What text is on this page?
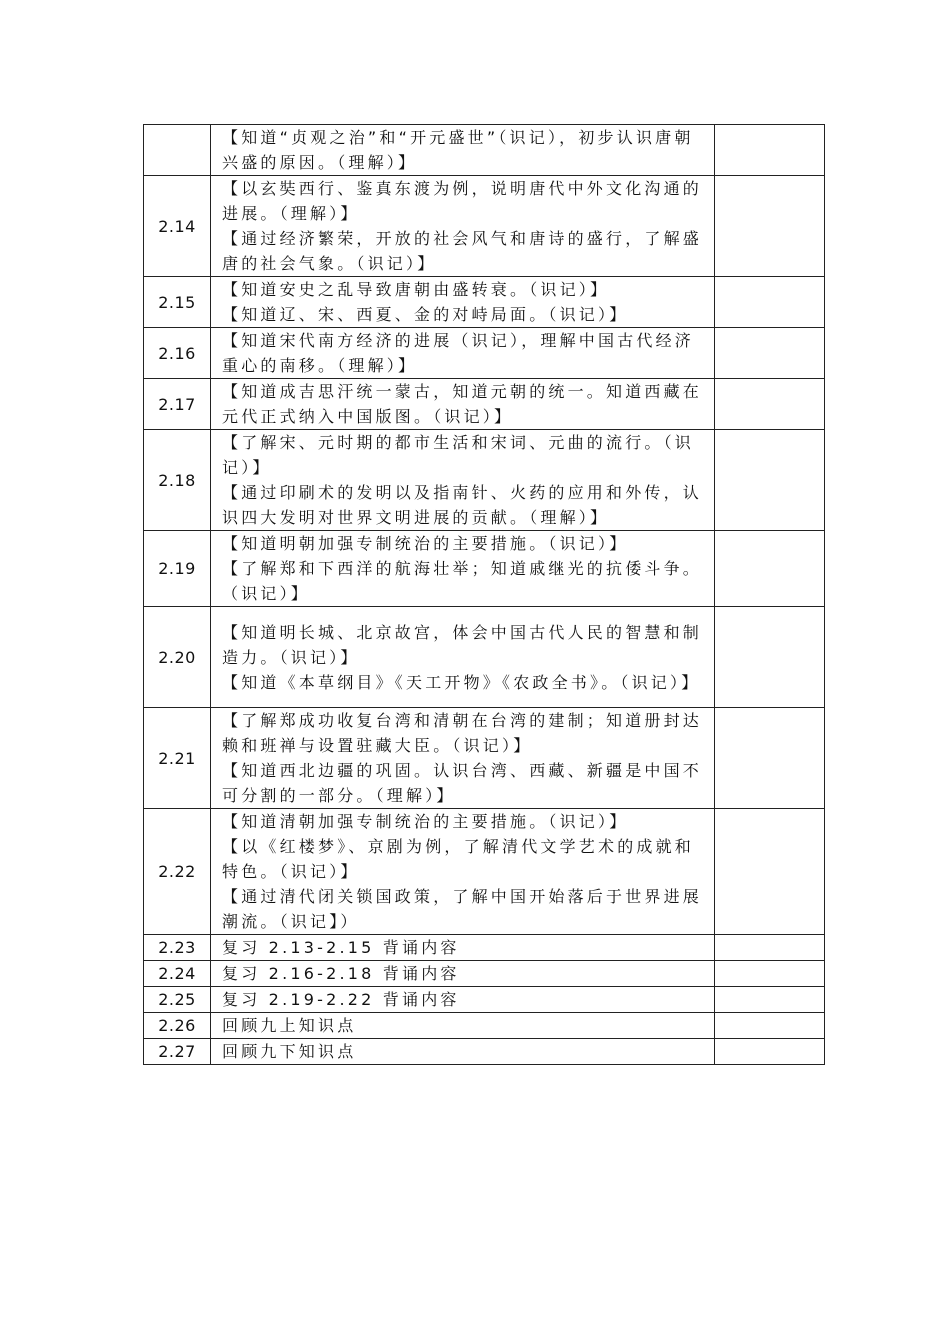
	【知道“贞观之治”和“开元盛世”（识记），初步认识唐朝兴盛的原因。（理解）】	

2.14	【以玄奘西行、鉴真东渡为例，说明唐代中外文化沟通的进展。（理解）】
【通过经济繁荣，开放的社会风气和唐诗的盛行，了解盛唐的社会气象。（识记）】	

2.15	【知道安史之乱导致唐朝由盛转衰。（识记）】
【知道辽、宋、西夏、金的对峙局面。（识记）】	

2.16	【知道宋代南方经济的进展（识记），理解中国古代经济重心的南移。（理解）】	

2.17	【知道成吉思汗统一蒙古，知道元朝的统一。知道西藏在元代正式纳入中国版图。（识记）】	

2.18	【了解宋、元时期的都市生活和宋词、元曲的流行。（识记）】
【通过印刷术的发明以及指南针、火药的应用和外传，认识四大发明对世界文明进展的贡献。（理解）】	

2.19	【知道明朝加强专制统治的主要措施。（识记）】
【了解郑和下西洋的航海壮举；知道戚继光的抗倭斗争。（识记）】	

2.20	【知道明长城、北京故宫，体会中国古代人民的智慧和制造力。（识记）】
【知道《本草纲目》《天工开物》《农政全书》。（识记）】	

2.21	【了解郑成功收复台湾和清朝在台湾的建制；知道册封达赖和班禅与设置驻藏大臣。（识记）】
【知道西北边疆的巩固。认识台湾、西藏、新疆是中国不可分割的一部分。（理解）】	

2.22	【知道清朝加强专制统治的主要措施。（识记）】
【以《红楼梦》、京剧为例，了解清代文学艺术的成就和特色。（识记）】
【通过清代闭关锁国政策，了解中国开始落后于世界进展潮流。（识记】）	

2.23	复习 2.13-2.15 背诵内容	

2.24	复习 2.16-2.18 背诵内容	

2.25	复习 2.19-2.22 背诵内容	

2.26	回顾九上知识点	

2.27	回顾九下知识点	
